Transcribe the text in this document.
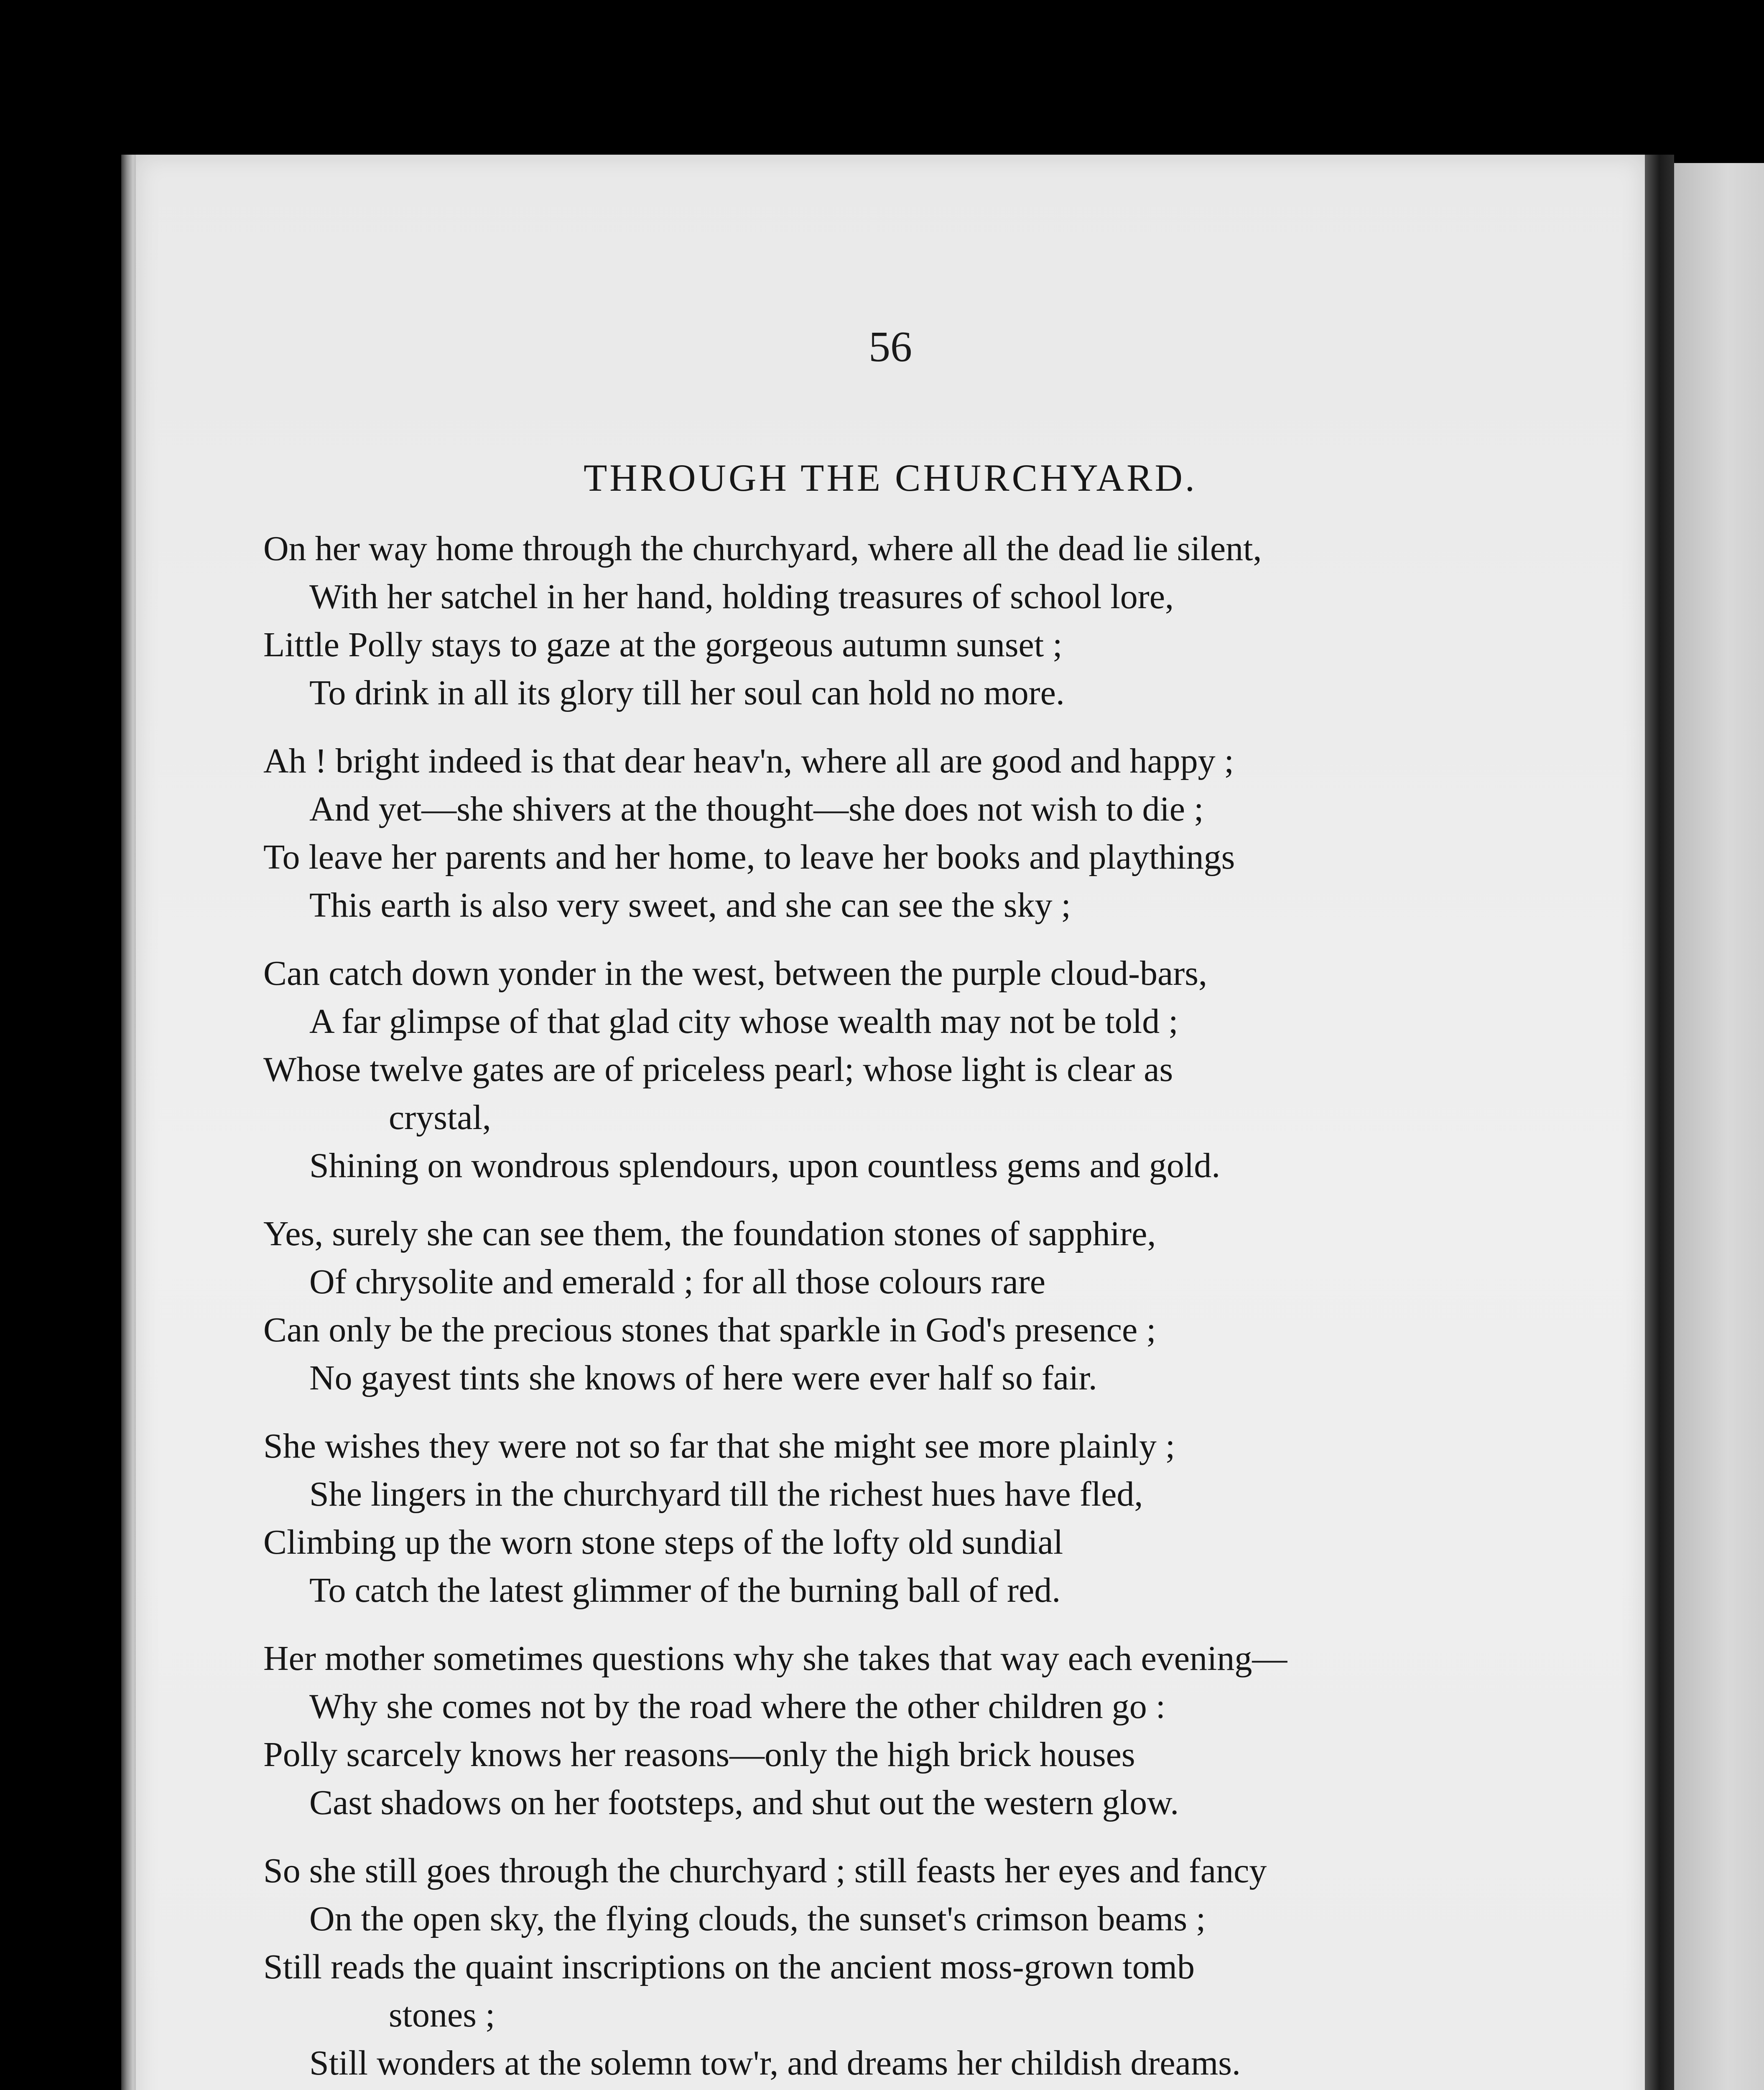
56
THROUGH THE CHURCHYARD.
On her way home through the churchyard, where all the dead lie silent,
With her satchel in her hand, holding treasures of school lore,
Little Polly stays to gaze at the gorgeous autumn sunset ;
To drink in all its glory till her soul can hold no more.
Ah ! bright indeed is that dear heav'n, where all are good and happy ;
And yet—she shivers at the thought—she does not wish to die ;
To leave her parents and her home, to leave her books and playthings
This earth is also very sweet, and she can see the sky ;
Can catch down yonder in the west, between the purple cloud-bars,
A far glimpse of that glad city whose wealth may not be told ;
Whose twelve gates are of priceless pearl; whose light is clear as
crystal,
Shining on wondrous splendours, upon countless gems and gold.
Yes, surely she can see them, the foundation stones of sapphire,
Of chrysolite and emerald ; for all those colours rare
Can only be the precious stones that sparkle in God's presence ;
No gayest tints she knows of here were ever half so fair.
She wishes they were not so far that she might see more plainly ;
She lingers in the churchyard till the richest hues have fled,
Climbing up the worn stone steps of the lofty old sundial
To catch the latest glimmer of the burning ball of red.
Her mother sometimes questions why she takes that way each evening—
Why she comes not by the road where the other children go :
Polly scarcely knows her reasons—only the high brick houses
Cast shadows on her footsteps, and shut out the western glow.
So she still goes through the churchyard ; still feasts her eyes and fancy
On the open sky, the flying clouds, the sunset's crimson beams ;
Still reads the quaint inscriptions on the ancient moss-grown tomb
stones ;
Still wonders at the solemn tow'r, and dreams her childish dreams.
